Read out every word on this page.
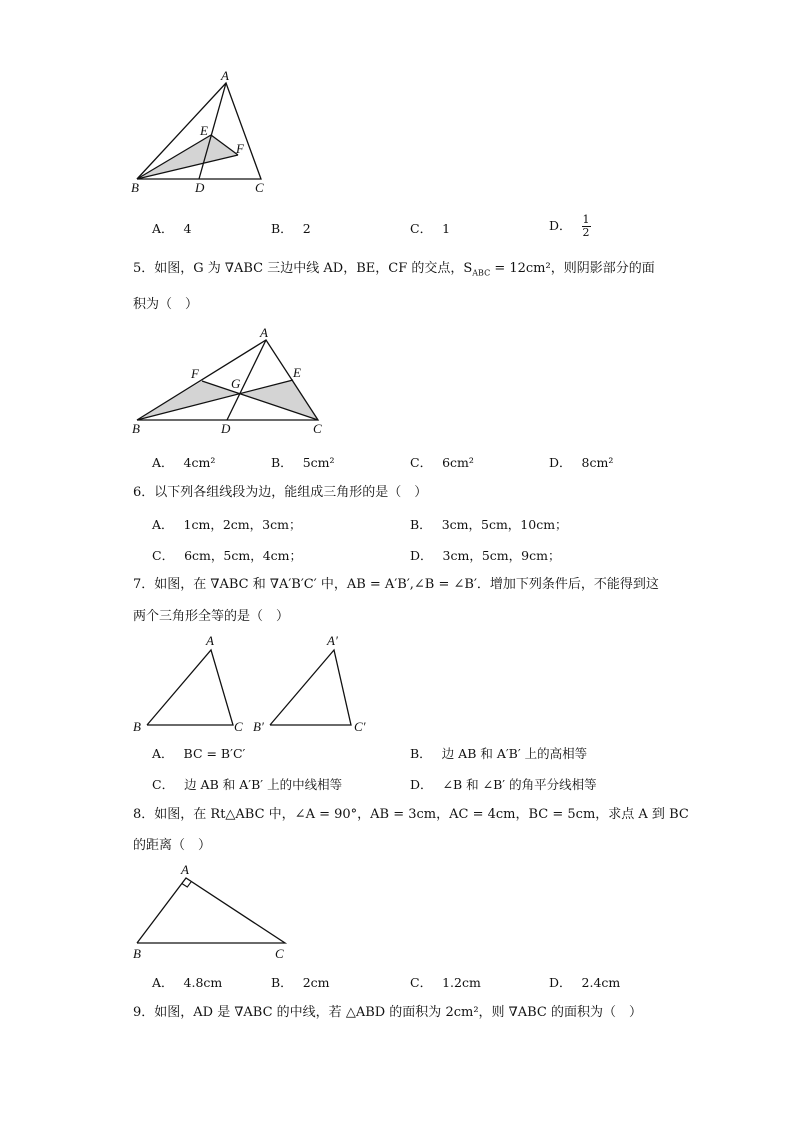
A
E
F
B	D	C
A． 4	B． 2	C． 1	D． $\frac{1}{2}$
5．如图，G 为 ∇ABC 三边中线 AD，BE，CF 的交点，$S_{ABC} = 12cm^2$，则阴影部分的面
积为（　）
A
F
G
E
B	D	C
A． 4cm²	B． 5cm²	C． 6cm²	D． 8cm²
6．以下列各组线段为边，能组成三角形的是（　）
A． 1cm，2cm，3cm；	B． 3cm，5cm，10cm；
C． 6cm，5cm，4cm；	D． 3cm，5cm，9cm；
7．如图，在 ∇ABC 和 ∇A′B′C′ 中，AB = A′B′,∠B = ∠B′．增加下列条件后，不能得到这
两个三角形全等的是（　）
A
B	C
A′
B′	C′
A． BC = B′C′	B． 边 AB 和 A′B′ 上的高相等
C． 边 AB 和 A′B′ 上的中线相等	D． ∠B 和 ∠B′ 的角平分线相等
8．如图，在 Rt△ABC 中，∠A = 90°，AB = 3cm，AC = 4cm，BC = 5cm，求点 A 到 BC
的距离（　）
A
B	C
A． 4.8cm	B． 2cm	C． 1.2cm	D． 2.4cm
9．如图，AD 是 ∇ABC 的中线，若 △ABD 的面积为 2cm²，则 ∇ABC 的面积为（　）
